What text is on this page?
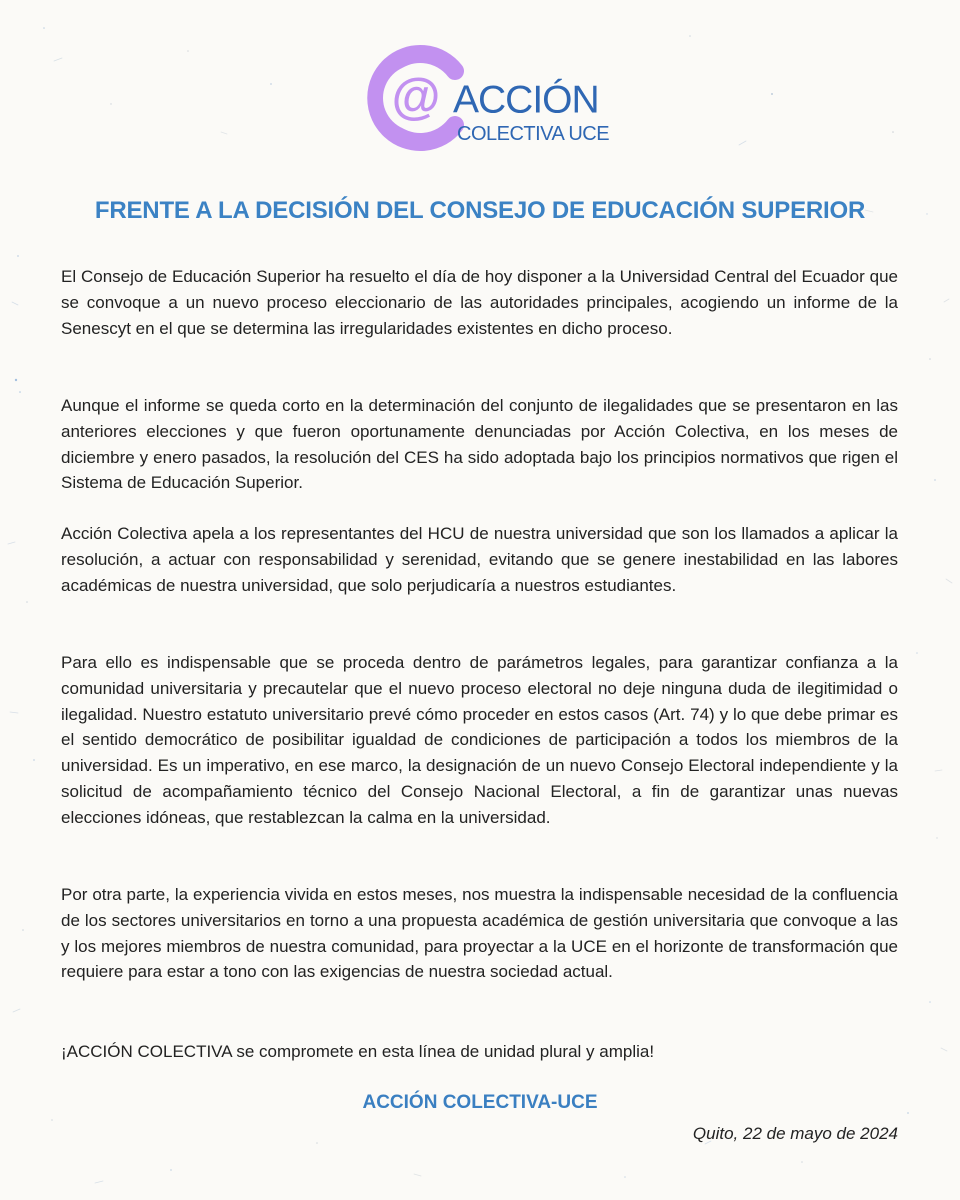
@ ACCIÓN
COLECTIVA UCE
FRENTE A LA DECISIÓN DEL CONSEJO DE EDUCACIÓN SUPERIOR

El Consejo de Educación Superior ha resuelto el día de hoy disponer a la Universidad Central del Ecuador que se convoque a un nuevo proceso eleccionario de las autoridades principales, acogiendo un informe de la Senescyt en el que se determina las irregularidades existentes en dicho proceso.

Aunque el informe se queda corto en la determinación del conjunto de ilegalidades que se presentaron en las anteriores elecciones y que fueron oportunamente denunciadas por Acción Colectiva, en los meses de diciembre y enero pasados, la resolución del CES ha sido adoptada bajo los principios normativos que rigen el Sistema de Educación Superior.

Acción Colectiva apela a los representantes del HCU de nuestra universidad que son los llamados a aplicar la resolución, a actuar con responsabilidad y serenidad, evitando que se genere inestabilidad en las labores académicas de nuestra universidad, que solo perjudicaría a nuestros estudiantes.

Para ello es indispensable que se proceda dentro de parámetros legales, para garantizar confianza a la comunidad universitaria y precautelar que el nuevo proceso electoral no deje ninguna duda de ilegitimidad o ilegalidad. Nuestro estatuto universitario prevé cómo proceder en estos casos (Art. 74) y lo que debe primar es el sentido democrático de posibilitar igualdad de condiciones de participación a todos los miembros de la universidad. Es un imperativo, en ese marco, la designación de un nuevo Consejo Electoral independiente y la solicitud de acompañamiento técnico del Consejo Nacional Electoral, a fin de garantizar unas nuevas elecciones idóneas, que restablezcan la calma en la universidad.

Por otra parte, la experiencia vivida en estos meses, nos muestra la indispensable necesidad de la confluencia de los sectores universitarios en torno a una propuesta académica de gestión universitaria que convoque a las y los mejores miembros de nuestra comunidad, para proyectar a la UCE en el horizonte de transformación que requiere para estar a tono con las exigencias de nuestra sociedad actual.

¡ACCIÓN COLECTIVA se compromete en esta línea de unidad plural y amplia!

ACCIÓN COLECTIVA-UCE

Quito, 22 de mayo de 2024
